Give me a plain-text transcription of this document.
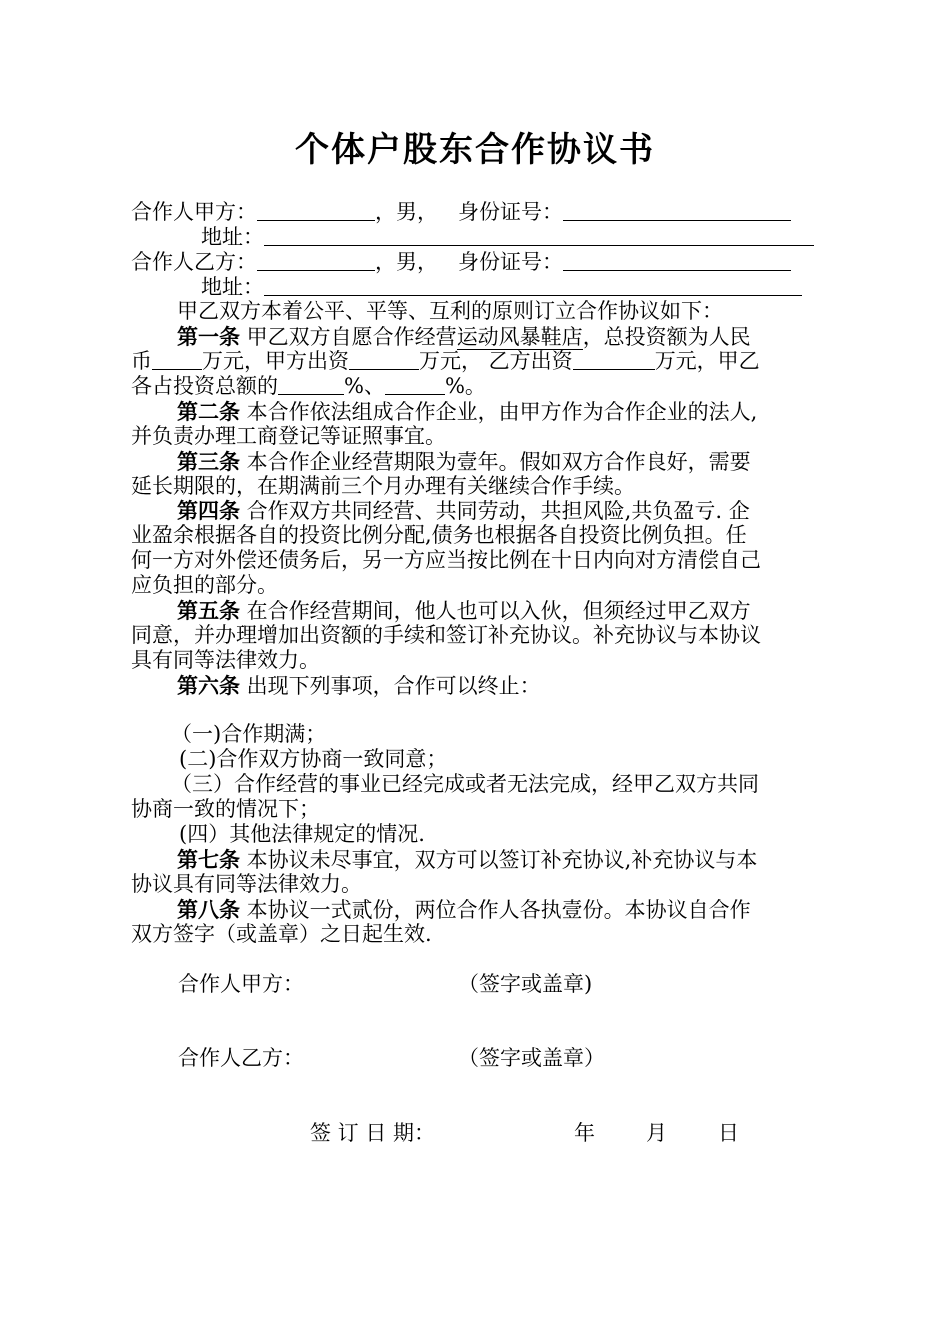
个体户股东合作协议书
合作人甲方：	，男， 身份证号：
地址：
合作人乙方：	，男， 身份证号：
地址：
甲乙双方本着公平、平等、互利的原则订立合作协议如下：
第一条 甲乙双方自愿合作经营运动风暴鞋店，总投资额为人民
币 万元，甲方出资	万元， 乙方出资	万元，甲乙
各占投资总额的	%、	%。
第二条 本合作依法组成合作企业，由甲方作为合作企业的法人,
并负责办理工商登记等证照事宜。
第三条 本合作企业经营期限为壹年。假如双方合作良好，需要
延长期限的，在期满前三个月办理有关继续合作手续。
第四条 合作双方共同经营、共同劳动，共担风险,共负盈亏. 企
业盈余根据各自的投资比例分配,债务也根据各自投资比例负担。任
何一方对外偿还债务后，另一方应当按比例在十日内向对方清偿自己
应负担的部分。
第五条 在合作经营期间，他人也可以入伙，但须经过甲乙双方
同意，并办理增加出资额的手续和签订补充协议。补充协议与本协议
具有同等法律效力。
第六条 出现下列事项，合作可以终止：
（一)合作期满；
(二)合作双方协商一致同意；
（三）合作经营的事业已经完成或者无法完成，经甲乙双方共同
协商一致的情况下；
(四）其他法律规定的情况.
第七条 本协议未尽事宜，双方可以签订补充协议,补充协议与本
协议具有同等法律效力。
第八条 本协议一式贰份，两位合作人各执壹份。本协议自合作
双方签字（或盖章）之日起生效.
合作人甲方：	（签字或盖章)
合作人乙方：	（签字或盖章）
签 订 日 期：	年 月 日
